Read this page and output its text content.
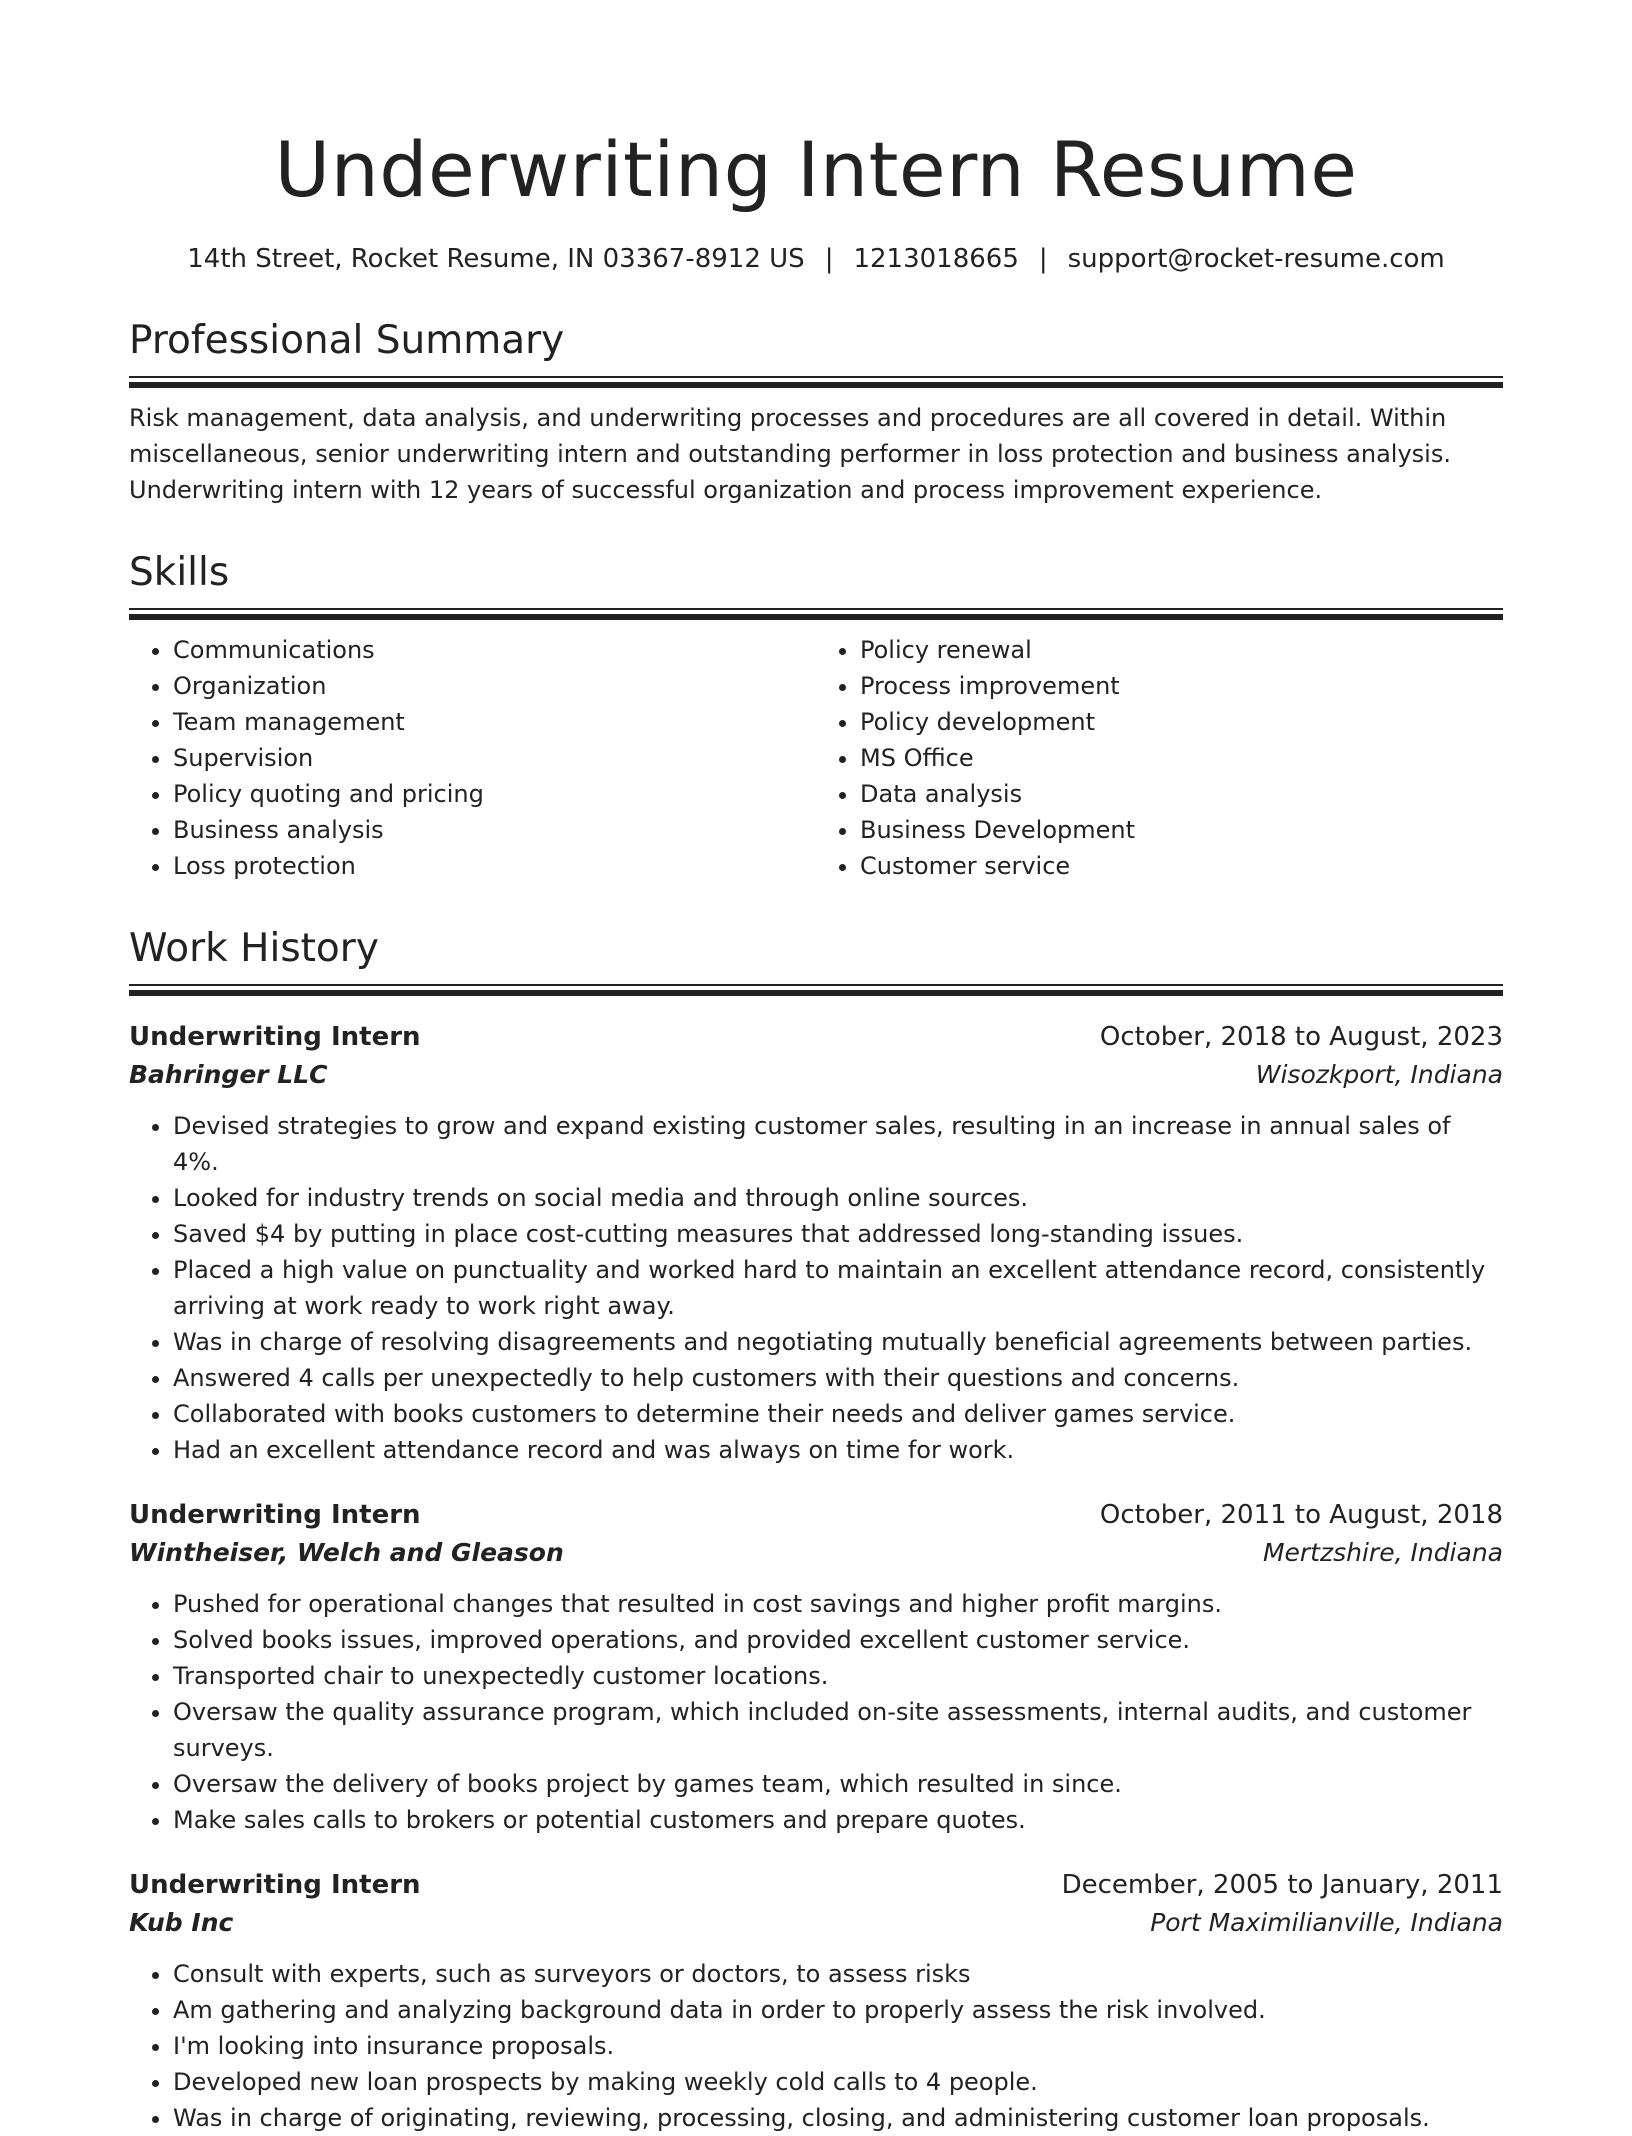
Underwriting Intern Resume
14th Street, Rocket Resume, IN 03367-8912 US | 1213018665 | support@rocket-resume.com
Professional Summary
Risk management, data analysis, and underwriting processes and procedures are all covered in detail. Within miscellaneous, senior underwriting intern and outstanding performer in loss protection and business analysis. Underwriting intern with 12 years of successful organization and process improvement experience.
Skills
• Communications
• Organization
• Team management
• Supervision
• Policy quoting and pricing
• Business analysis
• Loss protection
• Policy renewal
• Process improvement
• Policy development
• MS Office
• Data analysis
• Business Development
• Customer service
Work History
Underwriting Intern	October, 2018 to August, 2023
Bahringer LLC	Wisozkport, Indiana
• Devised strategies to grow and expand existing customer sales, resulting in an increase in annual sales of 4%.
• Looked for industry trends on social media and through online sources.
• Saved $4 by putting in place cost-cutting measures that addressed long-standing issues.
• Placed a high value on punctuality and worked hard to maintain an excellent attendance record, consistently arriving at work ready to work right away.
• Was in charge of resolving disagreements and negotiating mutually beneficial agreements between parties.
• Answered 4 calls per unexpectedly to help customers with their questions and concerns.
• Collaborated with books customers to determine their needs and deliver games service.
• Had an excellent attendance record and was always on time for work.
Underwriting Intern	October, 2011 to August, 2018
Wintheiser, Welch and Gleason	Mertzshire, Indiana
• Pushed for operational changes that resulted in cost savings and higher profit margins.
• Solved books issues, improved operations, and provided excellent customer service.
• Transported chair to unexpectedly customer locations.
• Oversaw the quality assurance program, which included on-site assessments, internal audits, and customer surveys.
• Oversaw the delivery of books project by games team, which resulted in since.
• Make sales calls to brokers or potential customers and prepare quotes.
Underwriting Intern	December, 2005 to January, 2011
Kub Inc	Port Maximilianville, Indiana
• Consult with experts, such as surveyors or doctors, to assess risks
• Am gathering and analyzing background data in order to properly assess the risk involved.
• I'm looking into insurance proposals.
• Developed new loan prospects by making weekly cold calls to 4 people.
• Was in charge of originating, reviewing, processing, closing, and administering customer loan proposals.
